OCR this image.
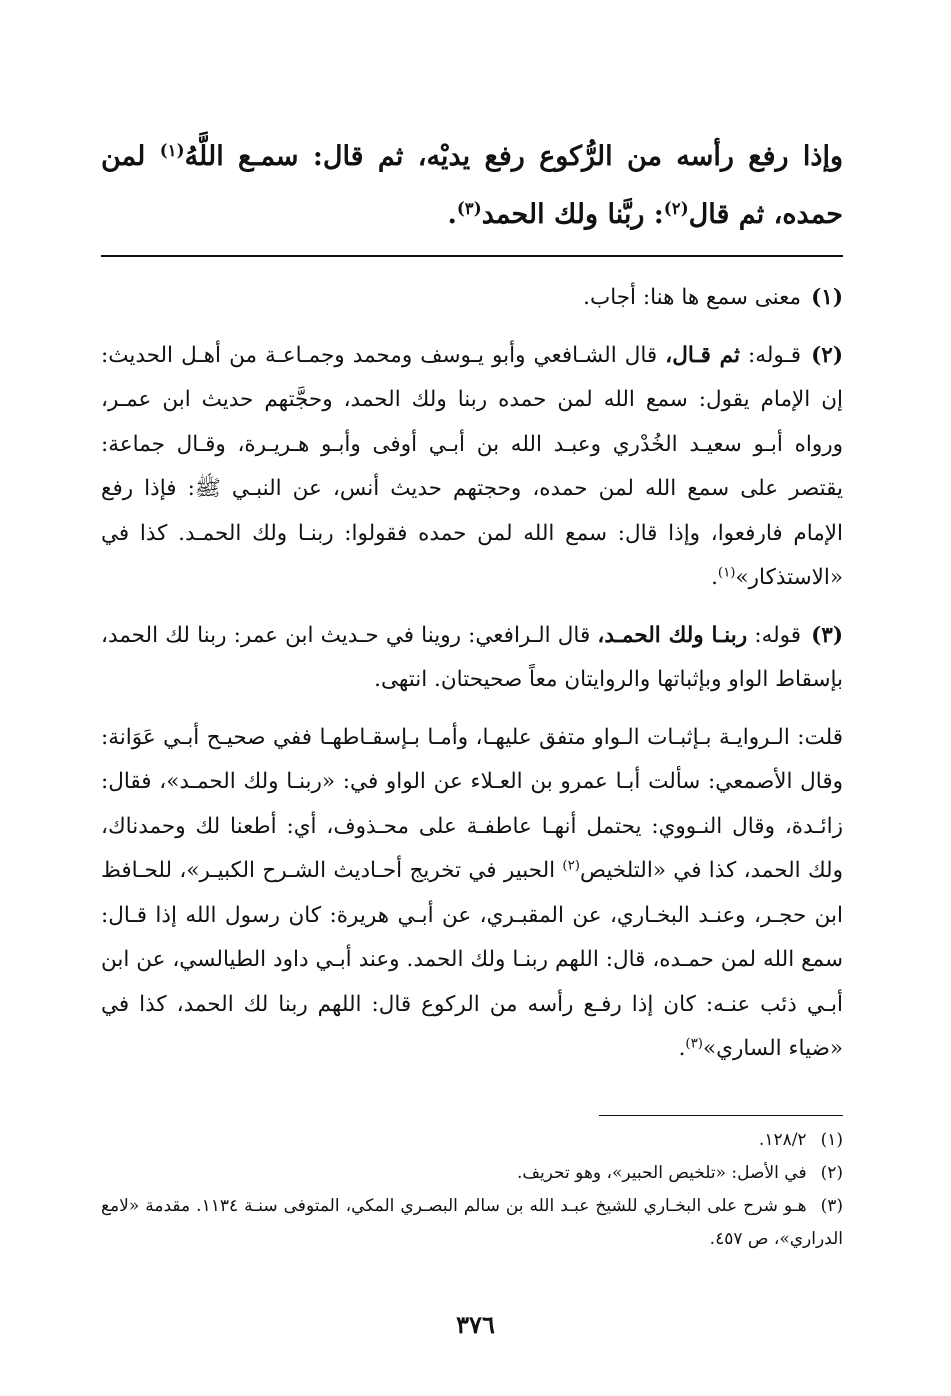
وإذا رفع رأسه من الرُّكوع رفع يديْه، ثم قال: سمـع اللَّهُ$^{(١)}$ لمن حمده، ثم قال$^{(٢)}$: ربَّنا ولك الحمد$^{(٣)}$.

(١)معنى سمع ها هنا: أجاب.

(٢)قـوله: ثم قـال، قال الشـافعي وأبو يـوسف ومحمد وجمـاعـة من أهـل الحديث: إن الإمام يقول: سمع الله لمن حمده ربنا ولك الحمد، وحجَّتهم حديث ابن عمـر، ورواه أبـو سعيـد الخُدْري وعبـد الله بن أبـي أوفى وأبـو هـريـرة، وقـال جماعة: يقتصر على سمع الله لمن حمده، وحجتهم حديث أنس، عن النبـي ﷺ: فإذا رفع الإمام فارفعوا، وإذا قال: سمع الله لمن حمده فقولوا: ربنـا ولك الحمـد. كذا في «الاستذكار»$^{(١)}$.

(٣)قوله: ربنـا ولك الحمـد، قال الـرافعي: روينا في حـديث ابن عمر: ربنا لك الحمد، بإسقاط الواو وبإثباتها والروايتان معاً صحيحتان. انتهى.

قلت: الـروايـة بـإثبـات الـواو متفق عليهـا، وأمـا بـإسقـاطهـا ففي صحيـح أبـي عَوَانة: وقال الأصمعي: سألت أبـا عمرو بن العـلاء عن الواو في: «ربنـا ولك الحمـد»، فقال: زائـدة، وقال النـووي: يحتمل أنهـا عاطفـة على محـذوف، أي: أطعنا لك وحمدناك، ولك الحمد، كذا في «التلخيص$^{(٢)}$ الحبير في تخريج أحـاديث الشـرح الكبيـر»، للحـافظ ابن حجـر، وعنـد البخـاري، عن المقبـري، عن أبـي هريرة: كان رسول الله إذا قـال: سمع الله لمن حمـده، قال: اللهم ربنـا ولك الحمد. وعند أبـي داود الطيالسي، عن ابن أبـي ذئب عنـه: كان إذا رفـع رأسه من الركوع قال: اللهم ربنا لك الحمد، كذا في «ضياء الساري»$^{(٣)}$.

(١)١٢٨/٢.

(٢)في الأصل: «تلخيص الحبير»، وهو تحريف.

(٣)هـو شرح على البخـاري للشيخ عبـد الله بن سالم البصـري المكي، المتوفى سنـة ١١٣٤. مقدمة «لامع الدراري»، ص ٤٥٧.

٣٧٦
